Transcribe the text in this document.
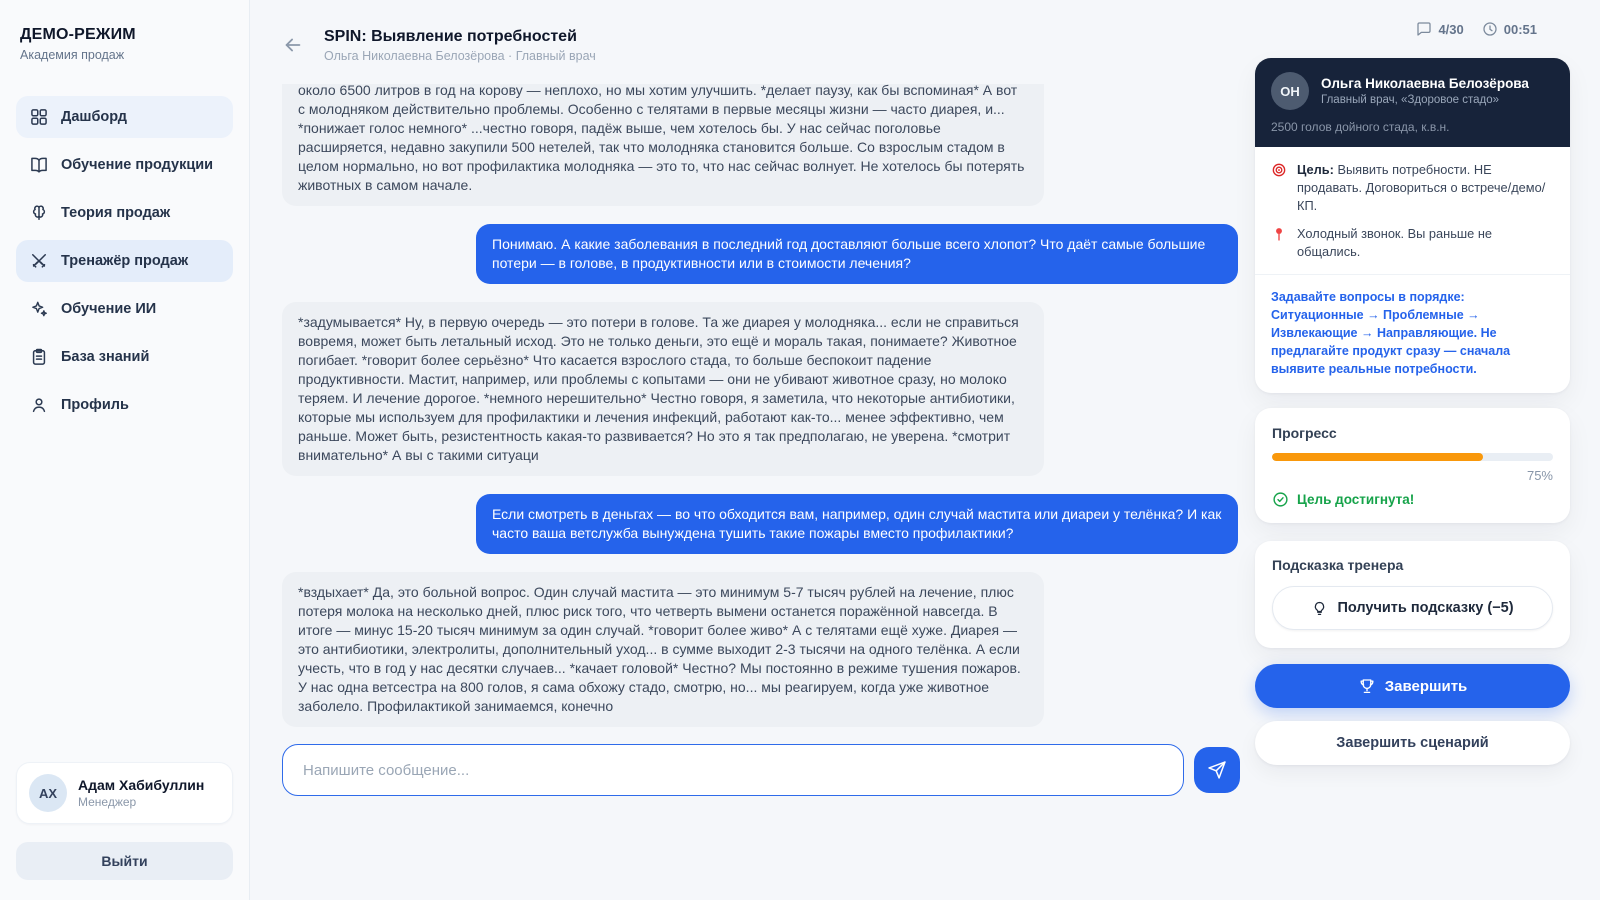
ДЕМО-РЕЖИМ
Академия продаж
Дашборд
Обучение продукции
Теория продаж
Тренажёр продаж
Обучение ИИ
База знаний
Профиль
АХ	Адам Хабибуллин
Менеджер
Выйти
SPIN: Выявление потребностей
Ольга Николаевна Белозёрова · Главный врач
около 6500 литров в год на корову — неплохо, но мы хотим улучшить. *делает паузу, как бы вспоминая* А вот с молодняком действительно проблемы. Особенно с телятами в первые месяцы жизни — часто диарея, и... *понижает голос немного* ...честно говоря, падёж выше, чем хотелось бы. У нас сейчас поголовье расширяется, недавно закупили 500 нетелей, так что молодняка становится больше. Со взрослым стадом в целом нормально, но вот профилактика молодняка — это то, что нас сейчас волнует. Не хотелось бы потерять животных в самом начале.
Понимаю. А какие заболевания в последний год доставляют больше всего хлопот? Что даёт самые большие потери — в голове, в продуктивности или в стоимости лечения?
*задумывается* Ну, в первую очередь — это потери в голове. Та же диарея у молодняка... если не справиться вовремя, может быть летальный исход. Это не только деньги, это ещё и мораль такая, понимаете? Животное погибает. *говорит более серьёзно* Что касается взрослого стада, то больше беспокоит падение продуктивности. Мастит, например, или проблемы с копытами — они не убивают животное сразу, но молоко теряем. И лечение дорогое. *немного нерешительно* Честно говоря, я заметила, что некоторые антибиотики, которые мы используем для профилактики и лечения инфекций, работают как-то... менее эффективно, чем раньше. Может быть, резистентность какая-то развивается? Но это я так предполагаю, не уверена. *смотрит внимательно* А вы с такими ситуаци
Если смотреть в деньгах — во что обходится вам, например, один случай мастита или диареи у телёнка? И как часто ваша ветслужба вынуждена тушить такие пожары вместо профилактики?
*вздыхает* Да, это больной вопрос. Один случай мастита — это минимум 5-7 тысяч рублей на лечение, плюс потеря молока на несколько дней, плюс риск того, что четверть вымени останется поражённой навсегда. В итоге — минус 15-20 тысяч минимум за один случай. *говорит более живо* А с телятами ещё хуже. Диарея — это антибиотики, электролиты, дополнительный уход... в сумме выходит 2-3 тысячи на одного телёнка. А если учесть, что в год у нас десятки случаев... *качает головой* Честно? Мы постоянно в режиме тушения пожаров. У нас одна ветсестра на 800 голов, я сама обхожу стадо, смотрю, но... мы реагируем, когда уже животное заболело. Профилактикой занимаемся, конечно
Напишите сообщение...
4/30	00:51
ОН	Ольга Николаевна Белозёрова
Главный врач, «Здоровое стадо»
2500 голов дойного стада, к.в.н.
Цель: Выявить потребности. НЕ продавать. Договориться о встрече/демо/КП.
Холодный звонок. Вы раньше не общались.
Задавайте вопросы в порядке: Ситуационные → Проблемные → Извлекающие → Направляющие. Не предлагайте продукт сразу — сначала выявите реальные потребности.
Прогресс
75%
Цель достигнута!
Подсказка тренера
Получить подсказку (−5)
Завершить
Завершить сценарий
